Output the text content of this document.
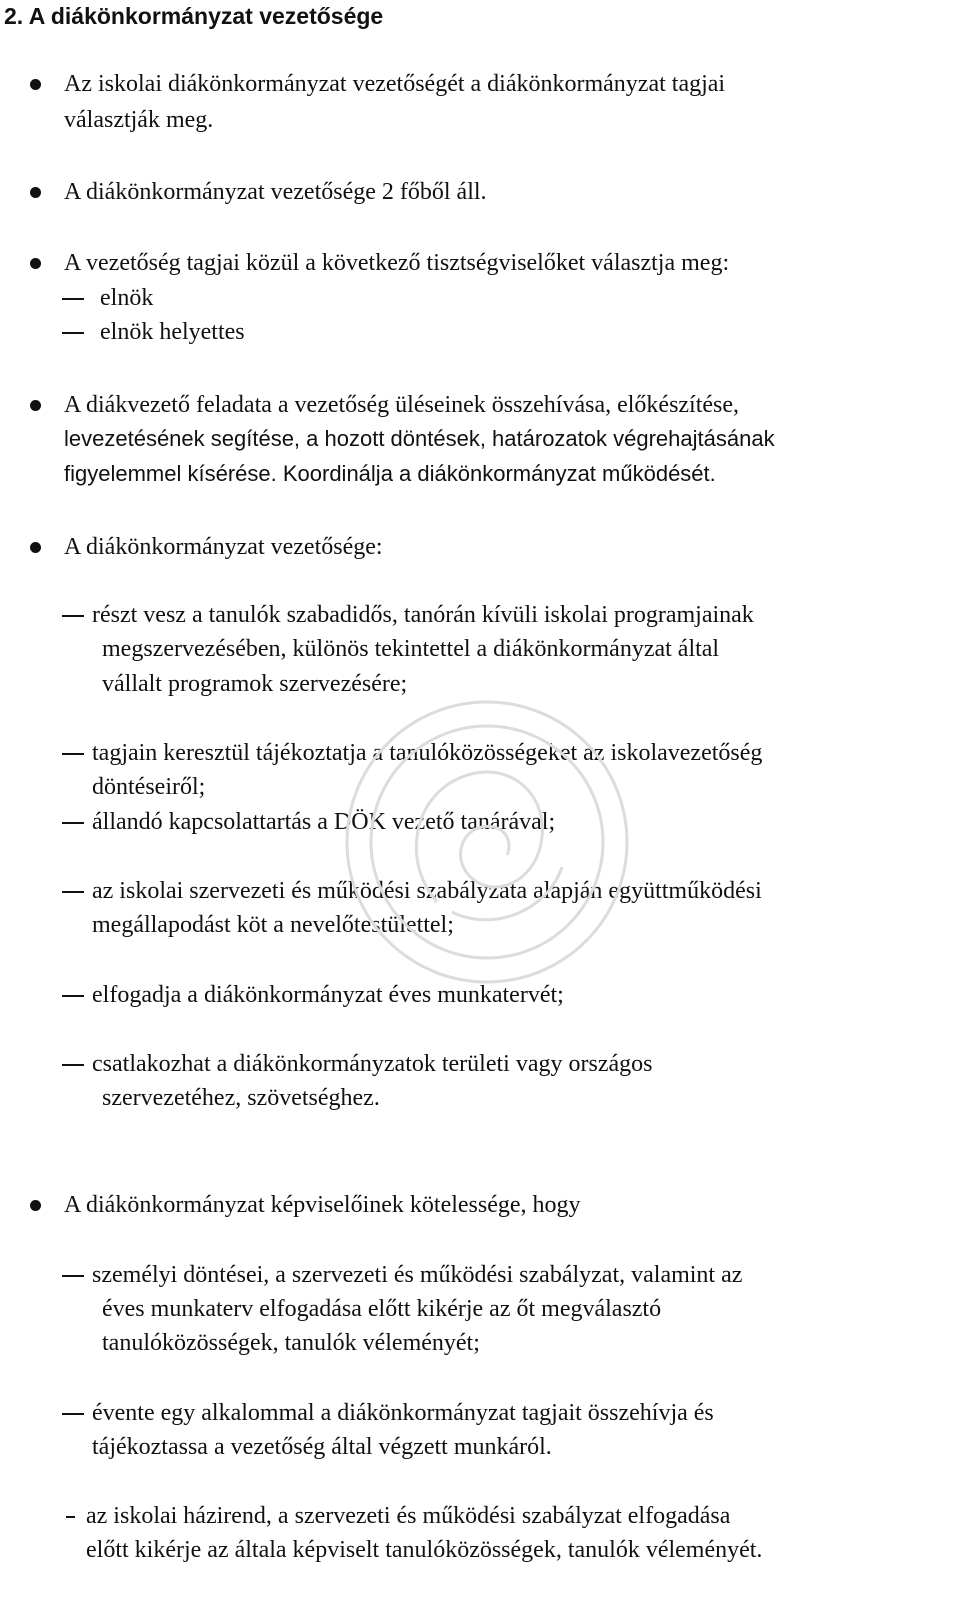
2. A diákönkormányzat vezetősége

Az iskolai diákönkormányzat vezetőségét a diákönkormányzat tagjai

választják meg.

A diákönkormányzat vezetősége 2 főből áll.

A vezetőség tagjai közül a következő tisztségviselőket választja meg:

elnök

elnök helyettes

A diákvezető feladata a vezetőség üléseinek összehívása, előkészítése,

levezetésének segítése, a hozott döntések, határozatok végrehajtásának

figyelemmel kísérése. Koordinálja a diákönkormányzat működését.

A diákönkormányzat vezetősége:

részt vesz a tanulók szabadidős, tanórán kívüli iskolai programjainak

megszervezésében, különös tekintettel a diákönkormányzat által

vállalt programok szervezésére;

tagjain keresztül tájékoztatja a tanulóközösségeket az iskolavezetőség

döntéseiről;

állandó kapcsolattartás a DÖK vezető tanárával;

az iskolai szervezeti és működési szabályzata alapján együttműködési

megállapodást köt a nevelőtestülettel;

elfogadja a diákönkormányzat éves munkatervét;

csatlakozhat a diákönkormányzatok területi vagy országos

szervezetéhez, szövetséghez.

A diákönkormányzat képviselőinek kötelessége, hogy

személyi döntései, a szervezeti és működési szabályzat, valamint az

éves munkaterv elfogadása előtt kikérje az őt megválasztó

tanulóközösségek, tanulók véleményét;

évente egy alkalommal a diákönkormányzat tagjait összehívja és

tájékoztassa a vezetőség által végzett munkáról.

az iskolai házirend, a szervezeti és működési szabályzat elfogadása

előtt kikérje az általa képviselt tanulóközösségek, tanulók véleményét.
